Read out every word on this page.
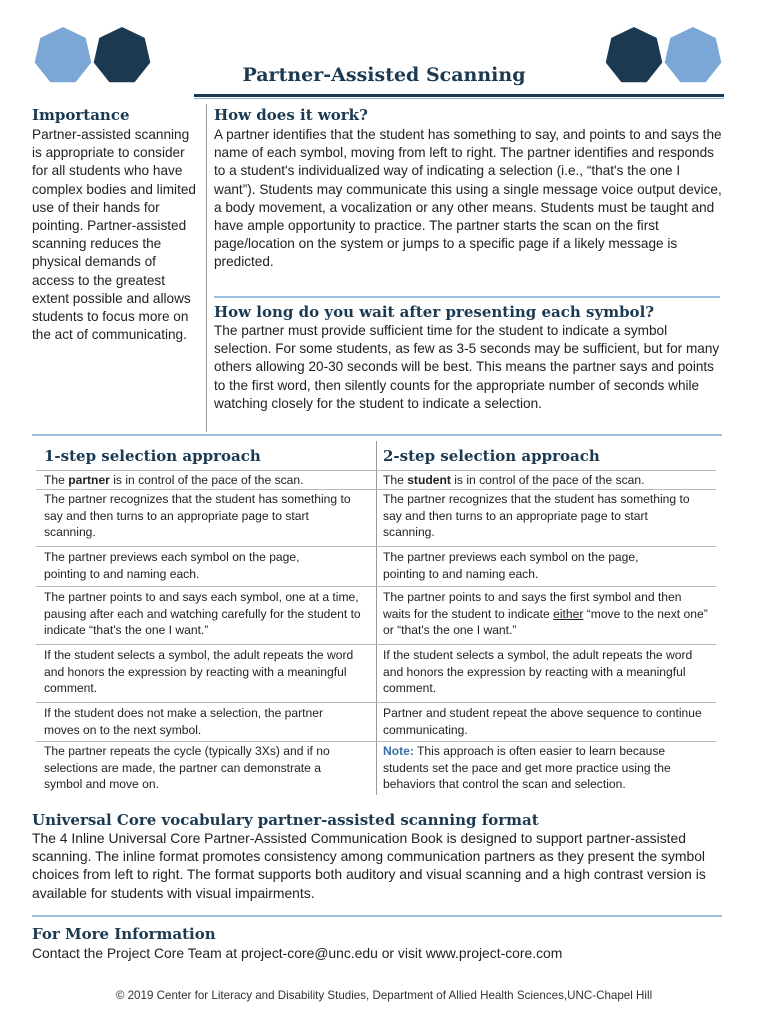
Partner-Assisted Scanning
Importance

Partner-assisted scanning is appropriate to consider for all students who have complex bodies and limited use of their hands for pointing. Partner-assisted scanning reduces the physical demands of access to the greatest extent possible and allows students to focus more on the act of communicating.

How does it work?

A partner identifies that the student has something to say, and points to and says the name of each symbol, moving from left to right. The partner identifies and responds to a student's individualized way of indicating a selection (i.e., “that's the one I want”). Students may communicate this using a single message voice output device, a body movement, a vocalization or any other means. Students must be taught and have ample opportunity to practice. The partner starts the scan on the first page/location on the system or jumps to a specific page if a likely message is predicted.

How long do you wait after presenting each symbol?

The partner must provide sufficient time for the student to indicate a symbol selection. For some students, as few as 3-5 seconds may be sufficient, but for many others allowing 20-30 seconds will be best. This means the partner says and points to the first word, then silently counts for the appropriate number of seconds while watching closely for the student to indicate a selection.

1-step selection approach	2-step selection approach

The partner is in control of the pace of the scan.	The student is in control of the pace of the scan.

The partner recognizes that the student has something to say and then turns to an appropriate page to start scanning.

The partner recognizes that the student has something to say and then turns to an appropriate page to start scanning.

The partner previews each symbol on the page, pointing to and naming each.

The partner previews each symbol on the page, pointing to and naming each.

The partner points to and says each symbol, one at a time, pausing after each and watching carefully for the student to indicate “that's the one I want.”

The partner points to and says the first symbol and then waits for the student to indicate either “move to the next one” or “that's the one I want.”

If the student selects a symbol, the adult repeats the word and honors the expression by reacting with a meaningful comment.

If the student selects a symbol, the adult repeats the word and honors the expression by reacting with a meaningful comment.

If the student does not make a selection, the partner moves on to the next symbol.

Partner and student repeat the above sequence to continue communicating.

The partner repeats the cycle (typically 3Xs) and if no selections are made, the partner can demonstrate a symbol and move on.

Note: This approach is often easier to learn because students set the pace and get more practice using the behaviors that control the scan and selection.

Universal Core vocabulary partner-assisted scanning format

The 4 Inline Universal Core Partner-Assisted Communication Book is designed to support partner-assisted scanning. The inline format promotes consistency among communication partners as they present the symbol choices from left to right. The format supports both auditory and visual scanning and a high contrast version is available for students with visual impairments.

For More Information

Contact the Project Core Team at project-core@unc.edu or visit www.project-core.com

© 2019 Center for Literacy and Disability Studies, Department of Allied Health Sciences,UNC-Chapel Hill
